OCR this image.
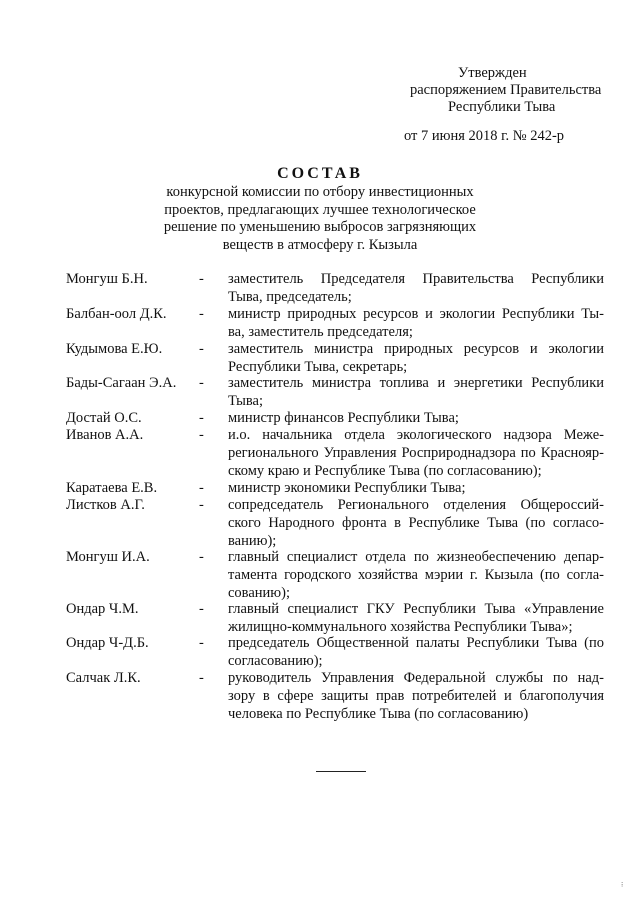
Утвержден
распоряжением Правительства
Республики Тыва
от 7 июня 2018 г. № 242-р
СОСТАВ
конкурсной комиссии по отбору инвестиционных
проектов, предлагающих лучшее технологическое
решение по уменьшению выбросов загрязняющих
веществ в атмосферу г. Кызыла
Монгуш Б.Н.	- заместитель Председателя Правительства Республики
Тыва, председатель;
Балбан-оол Д.К. - министр природных ресурсов и экологии Республики Ты-
ва, заместитель председателя;
Кудымова Е.Ю.	- заместитель министра природных ресурсов и экологии
Республики Тыва, секретарь;
Бады-Сагаан Э.А. - заместитель министра топлива и энергетики Республики
Тыва;
Достай О.С.	- министр финансов Республики Тыва;
Иванов А.А.	- и.о. начальника отдела экологического надзора Меже-
регионального Управления Росприроднадзора по Краснояр-
скому краю и Республике Тыва (по согласованию);
Каратаева Е.В.	- министр экономики Республики Тыва;
Листков А.Г.	- сопредседатель Регионального отделения Общероссий-
ского Народного фронта в Республике Тыва (по согласо-
ванию);
Монгуш И.А.	- главный специалист отдела по жизнеобеспечению депар-
тамента городского хозяйства мэрии г. Кызыла (по согла-
сованию);
Ондар Ч.М.	- главный специалист ГКУ Республики Тыва «Управление
жилищно-коммунального хозяйства Республики Тыва»;
Ондар Ч-Д.Б.	- председатель Общественной палаты Республики Тыва (по
согласованию);
Салчак Л.К.	- руководитель Управления Федеральной службы по над-
зору в сфере защиты прав потребителей и благополучия
человека по Республике Тыва (по согласованию)
⁝
